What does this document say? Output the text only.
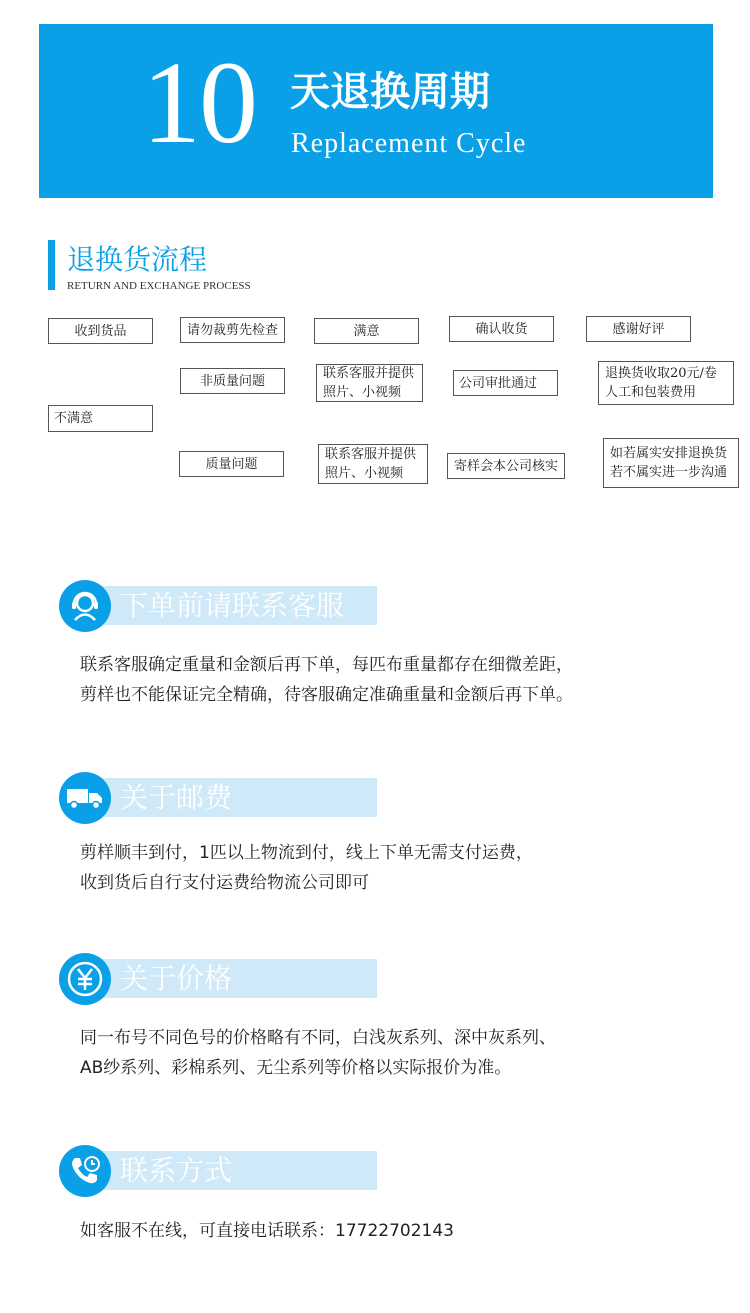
10 天退换周期
Replacement Cycle
退换货流程
RETURN AND EXCHANGE PROCESS
收到货品	请勿裁剪先检查	满意	确认收货	感谢好评
非质量问题	联系客服并提供
照片、小视频
公司审批通过
退换货收取20元/卷
人工和包装费用
不满意
质量问题
联系客服并提供
照片、小视频	寄样会本公司核实
如若属实安排退换货
若不属实进一步沟通
下单前请联系客服
联系客服确定重量和金额后再下单，每匹布重量都存在细微差距，
剪样也不能保证完全精确，待客服确定准确重量和金额后再下单。
关于邮费
剪样顺丰到付，1匹以上物流到付，线上下单无需支付运费，
收到货后自行支付运费给物流公司即可
关于价格
同一布号不同色号的价格略有不同，白浅灰系列、深中灰系列、
AB纱系列、彩棉系列、无尘系列等价格以实际报价为准。
联系方式
如客服不在线，可直接电话联系：17722702143
